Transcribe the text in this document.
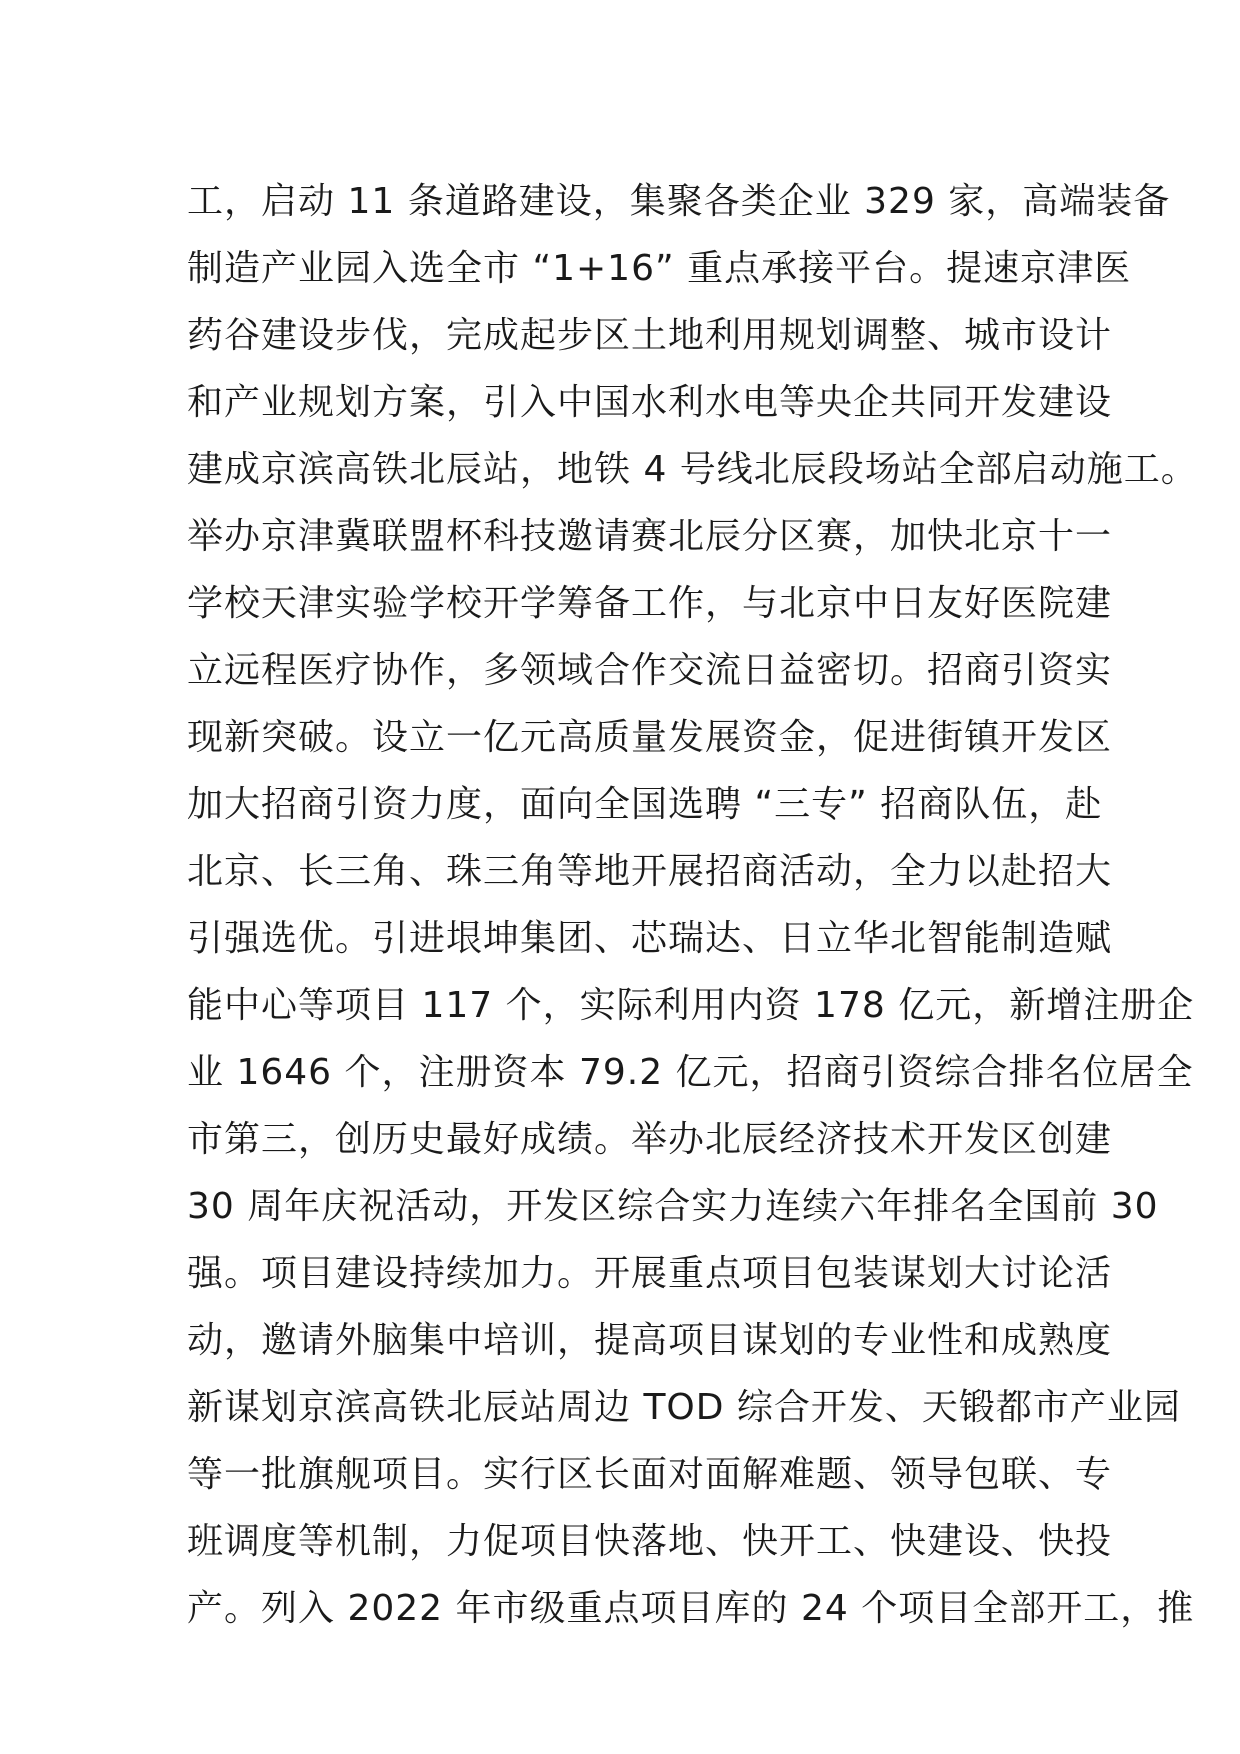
工，启动 11 条道路建设，集聚各类企业 329 家，高端装备
制造产业园入选全市 “1+16” 重点承接平台。提速京津医
药谷建设步伐，完成起步区土地利用规划调整、城市设计
和产业规划方案，引入中国水利水电等央企共同开发建设
建成京滨高铁北辰站，地铁 4 号线北辰段场站全部启动施工。
举办京津冀联盟杯科技邀请赛北辰分区赛，加快北京十一
学校天津实验学校开学筹备工作，与北京中日友好医院建
立远程医疗协作，多领域合作交流日益密切。招商引资实
现新突破。设立一亿元高质量发展资金，促进街镇开发区
加大招商引资力度，面向全国选聘 “三专” 招商队伍，赴
北京、长三角、珠三角等地开展招商活动，全力以赴招大
引强选优。引进垠坤集团、芯瑞达、日立华北智能制造赋
能中心等项目 117 个，实际利用内资 178 亿元，新增注册企
业 1646 个，注册资本 79.2 亿元，招商引资综合排名位居全
市第三，创历史最好成绩。举办北辰经济技术开发区创建
30 周年庆祝活动，开发区综合实力连续六年排名全国前 30
强。项目建设持续加力。开展重点项目包装谋划大讨论活
动，邀请外脑集中培训，提高项目谋划的专业性和成熟度
新谋划京滨高铁北辰站周边 TOD 综合开发、天锻都市产业园
等一批旗舰项目。实行区长面对面解难题、领导包联、专
班调度等机制，力促项目快落地、快开工、快建设、快投
产。列入 2022 年市级重点项目库的 24 个项目全部开工，推
